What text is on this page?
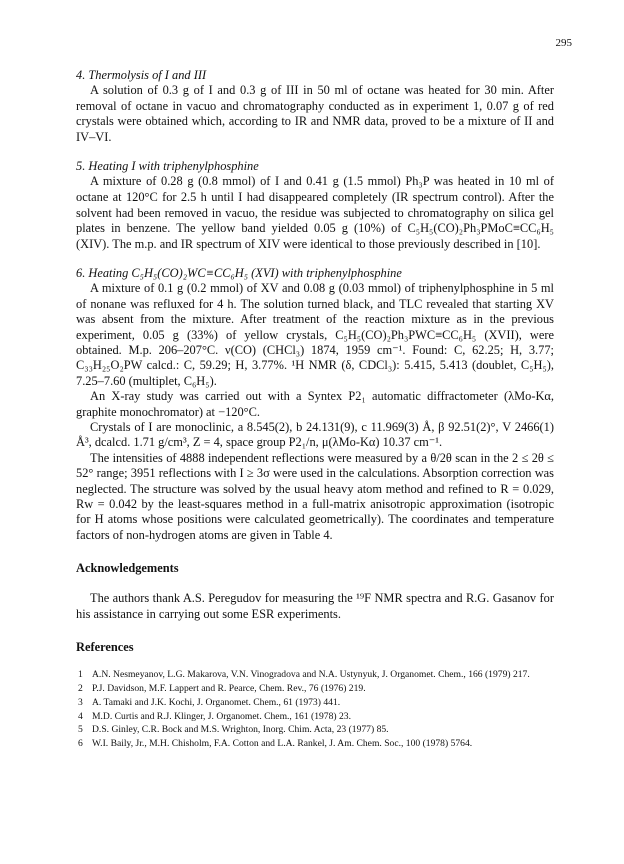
295

4. Thermolysis of I and III

A solution of 0.3 g of I and 0.3 g of III in 50 ml of octane was heated for 30 min. After removal of octane in vacuo and chromatography conducted as in experiment 1, 0.07 g of red crystals were obtained which, according to IR and NMR data, proved to be a mixture of II and IV–VI.

5. Heating I with triphenylphosphine

A mixture of 0.28 g (0.8 mmol) of I and 0.41 g (1.5 mmol) Ph₃P was heated in 10 ml of octane at 120°C for 2.5 h until I had disappeared completely (IR spectrum control). After the solvent had been removed in vacuo, the residue was subjected to chromatography on silica gel plates in benzene. The yellow band yielded 0.05 g (10%) of C₅H₅(CO)₂Ph₃PMoC≡CC₆H₅ (XIV). The m.p. and IR spectrum of XIV were identical to those previously described in [10].

6. Heating C₅H₅(CO)₂WC≡CC₆H₅ (XVI) with triphenylphosphine

A mixture of 0.1 g (0.2 mmol) of XV and 0.08 g (0.03 mmol) of triphenylphosphine in 5 ml of nonane was refluxed for 4 h. The solution turned black, and TLC revealed that starting XV was absent from the mixture. After treatment of the reaction mixture as in the previous experiment, 0.05 g (33%) of yellow crystals, C₅H₅(CO)₂Ph₃PWC≡CC₆H₅ (XVII), were obtained. M.p. 206–207°C. ν(CO) (CHCl₃) 1874, 1959 cm⁻¹. Found: C, 62.25; H, 3.77; C₃₃H₂₅O₂PW calcd.: C, 59.29; H, 3.77%. ¹H NMR (δ, CDCl₃): 5.415, 5.413 (doublet, C₅H₅), 7.25–7.60 (multiplet, C₆H₅).

An X-ray study was carried out with a Syntex P2₁ automatic diffractometer (λMo-Kα, graphite monochromator) at −120°C.

Crystals of I are monoclinic, a 8.545(2), b 24.131(9), c 11.969(3) Å, β 92.51(2)°, V 2466(1) Å³, dcalcd. 1.71 g/cm³, Z = 4, space group P2₁/n, μ(λMo-Kα) 10.37 cm⁻¹.

The intensities of 4888 independent reflections were measured by a θ/2θ scan in the 2 ≤ 2θ ≤ 52° range; 3951 reflections with I ≥ 3σ were used in the calculations. Absorption correction was neglected. The structure was solved by the usual heavy atom method and refined to R = 0.029, Rw = 0.042 by the least-squares method in a full-matrix anisotropic approximation (isotropic for H atoms whose positions were calculated geometrically). The coordinates and temperature factors of non-hydrogen atoms are given in Table 4.

Acknowledgements

The authors thank A.S. Peregudov for measuring the ¹⁹F NMR spectra and R.G. Gasanov for his assistance in carrying out some ESR experiments.

References
1 A.N. Nesmeyanov, L.G. Makarova, V.N. Vinogradova and N.A. Ustynyuk, J. Organomet. Chem., 166 (1979) 217.
2 P.J. Davidson, M.F. Lappert and R. Pearce, Chem. Rev., 76 (1976) 219.
3 A. Tamaki and J.K. Kochi, J. Organomet. Chem., 61 (1973) 441.
4 M.D. Curtis and R.J. Klinger, J. Organomet. Chem., 161 (1978) 23.
5 D.S. Ginley, C.R. Bock and M.S. Wrighton, Inorg. Chim. Acta, 23 (1977) 85.
6 W.I. Baily, Jr., M.H. Chisholm, F.A. Cotton and L.A. Rankel, J. Am. Chem. Soc., 100 (1978) 5764.
